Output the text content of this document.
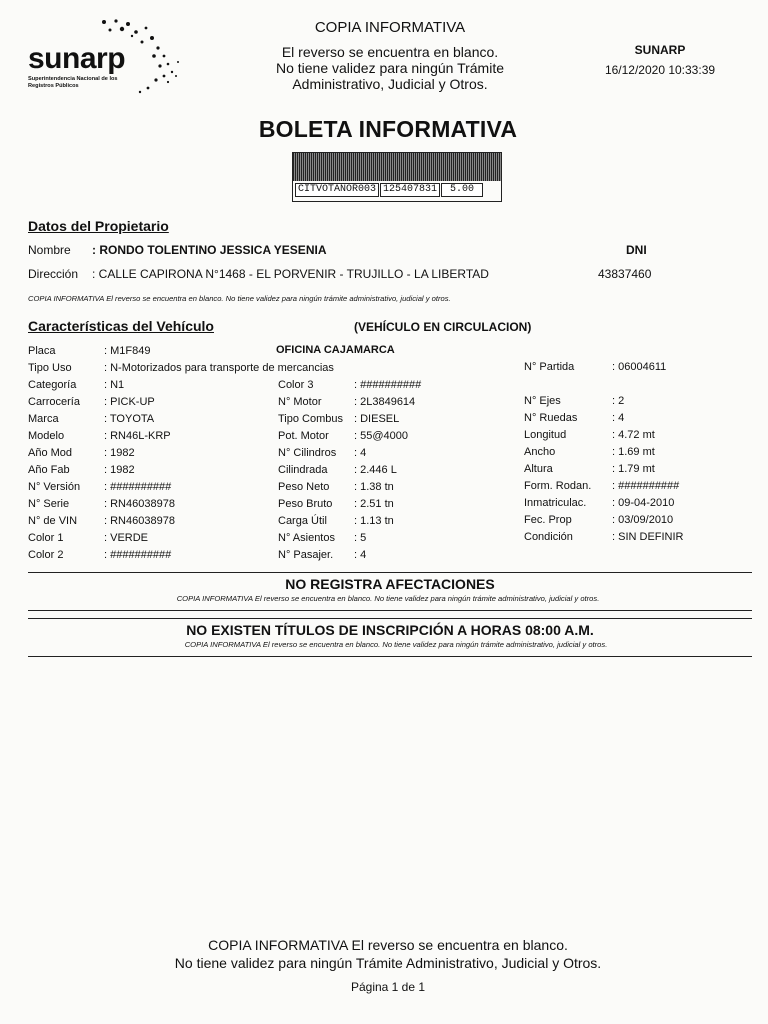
sunarp
Superintendencia Nacional de los Registros Públicos
COPIA INFORMATIVA
El reverso se encuentra en blanco.
No tiene validez para ningún Trámite
Administrativo, Judicial y Otros.
SUNARP
16/12/2020 10:33:39
BOLETA INFORMATIVA
CITVOTANOR003 125407831	5.00
Datos del Propietario
Nombre : RONDO TOLENTINO JESSICA YESENIA	DNI
Dirección : CALLE CAPIRONA N°1468 - EL PORVENIR - TRUJILLO - LA LIBERTAD	43837460
COPIA INFORMATIVA El reverso se encuentra en blanco. No tiene validez para ningún trámite administrativo, judicial y otros.
Características del Vehículo	(VEHÍCULO EN CIRCULACION)
OFICINA CAJAMARCA
Placa	: M1F849
Tipo Uso	: N-Motorizados para transporte de mercancias
Categoría	: N1
Carrocería : PICK-UP
Marca	: TOYOTA
Modelo	: RN46L-KRP
Año Mod	: 1982
Año Fab	: 1982
N° Versión : ##########
N° Serie	: RN46038978
N° de VIN : RN46038978
Color 1	: VERDE
Color 2	: ##########
Color 3	: ##########
N° Motor	: 2L3849614
Tipo Combus : DIESEL
Pot. Motor : 55@4000
N° Cilindros : 4
Cilindrada : 2.446 L
Peso Neto : 1.38 tn
Peso Bruto : 2.51 tn
Carga Útil : 1.13 tn
N° Asientos : 5
N° Pasajer. : 4
N° Partida	: 06004611
N° Ejes	: 2
N° Ruedas	: 4
Longitud	: 4.72 mt
Ancho	: 1.69 mt
Altura	: 1.79 mt
Form. Rodan. : ##########
Inmatriculac. : 09-04-2010
Fec. Prop	: 03/09/2010
Condición	: SIN DEFINIR
NO REGISTRA AFECTACIONES
COPIA INFORMATIVA El reverso se encuentra en blanco. No tiene validez para ningún trámite administrativo, judicial y otros.
NO EXISTEN TÍTULOS DE INSCRIPCIÓN A HORAS 08:00 A.M.
COPIA INFORMATIVA El reverso se encuentra en blanco. No tiene validez para ningún trámite administrativo, judicial y otros.
COPIA INFORMATIVA El reverso se encuentra en blanco.
No tiene validez para ningún Trámite Administrativo, Judicial y Otros.
Página 1 de 1
